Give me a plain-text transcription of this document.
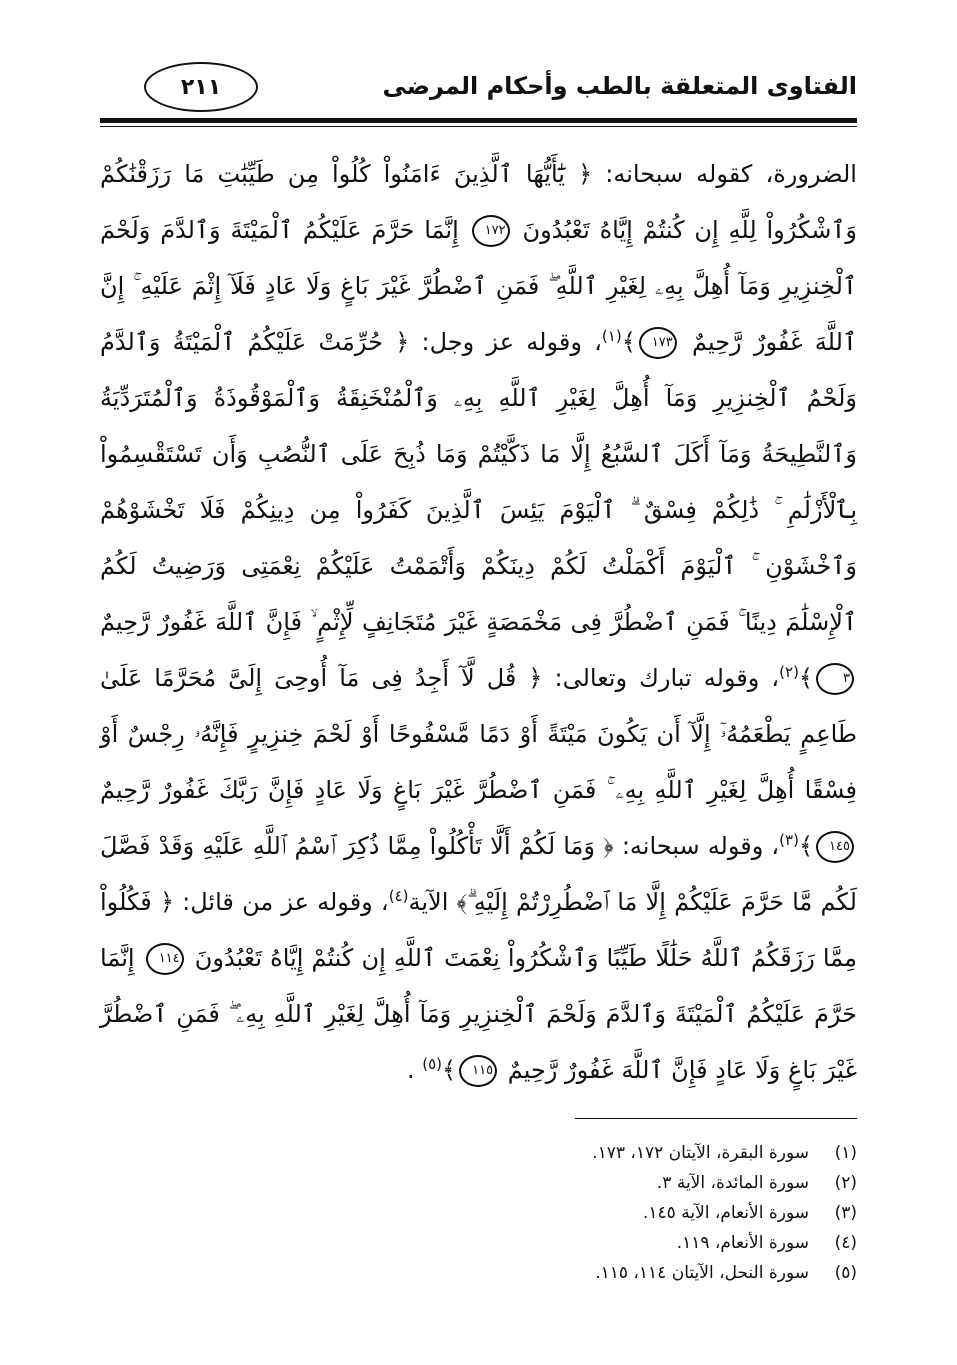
الفتاوى المتعلقة بالطب وأحكام المرضى
٢١١

الضرورة، كقوله سبحانه: ﴿ يَٰٓأَيُّهَا ٱلَّذِينَ ءَامَنُواْ كُلُواْ مِن طَيِّبَٰتِ مَا رَزَقْنَٰكُمْ وَٱشْكُرُواْ لِلَّهِ إِن كُنتُمْ إِيَّاهُ تَعْبُدُونَ ١٧٢ إِنَّمَا حَرَّمَ عَلَيْكُمُ ٱلْمَيْتَةَ وَٱلدَّمَ وَلَحْمَ ٱلْخِنزِيرِ وَمَآ أُهِلَّ بِهِۦ لِغَيْرِ ٱللَّهِ ۖ فَمَنِ ٱضْطُرَّ غَيْرَ بَاغٍ وَلَا عَادٍ فَلَآ إِثْمَ عَلَيْهِ ۚ إِنَّ ٱللَّهَ غَفُورٌ رَّحِيمٌ ١٧٣﴾$^{(١)}$، وقوله عز وجل: ﴿ حُرِّمَتْ عَلَيْكُمُ ٱلْمَيْتَةُ وَٱلدَّمُ وَلَحْمُ ٱلْخِنزِيرِ وَمَآ أُهِلَّ لِغَيْرِ ٱللَّهِ بِهِۦ وَٱلْمُنْخَنِقَةُ وَٱلْمَوْقُوذَةُ وَٱلْمُتَرَدِّيَةُ وَٱلنَّطِيحَةُ وَمَآ أَكَلَ ٱلسَّبُعُ إِلَّا مَا ذَكَّيْتُمْ وَمَا ذُبِحَ عَلَى ٱلنُّصُبِ وَأَن تَسْتَقْسِمُواْ بِٱلْأَزْلَٰمِ ۚ ذَٰلِكُمْ فِسْقٌ ۗ ٱلْيَوْمَ يَئِسَ ٱلَّذِينَ كَفَرُواْ مِن دِينِكُمْ فَلَا تَخْشَوْهُمْ وَٱخْشَوْنِ ۚ ٱلْيَوْمَ أَكْمَلْتُ لَكُمْ دِينَكُمْ وَأَتْمَمْتُ عَلَيْكُمْ نِعْمَتِى وَرَضِيتُ لَكُمُ ٱلْإِسْلَٰمَ دِينًا ۚ فَمَنِ ٱضْطُرَّ فِى مَخْمَصَةٍ غَيْرَ مُتَجَانِفٍ لِّإِثْمٍ ۙ فَإِنَّ ٱللَّهَ غَفُورٌ رَّحِيمٌ ٣﴾$^{(٢)}$، وقوله تبارك وتعالى: ﴿ قُل لَّآ أَجِدُ فِى مَآ أُوحِىَ إِلَىَّ مُحَرَّمًا عَلَىٰ طَاعِمٍ يَطْعَمُهُۥٓ إِلَّآ أَن يَكُونَ مَيْتَةً أَوْ دَمًا مَّسْفُوحًا أَوْ لَحْمَ خِنزِيرٍ فَإِنَّهُۥ رِجْسٌ أَوْ فِسْقًا أُهِلَّ لِغَيْرِ ٱللَّهِ بِهِۦ ۚ فَمَنِ ٱضْطُرَّ غَيْرَ بَاغٍ وَلَا عَادٍ فَإِنَّ رَبَّكَ غَفُورٌ رَّحِيمٌ ١٤٥﴾$^{(٣)}$، وقوله سبحانه: ﴿ وَمَا لَكُمْ أَلَّا تَأْكُلُواْ مِمَّا ذُكِرَ ٱسْمُ ٱللَّهِ عَلَيْهِ وَقَدْ فَصَّلَ لَكُم مَّا حَرَّمَ عَلَيْكُمْ إِلَّا مَا ٱضْطُرِرْتُمْ إِلَيْهِ ۗ﴾ الآية$^{(٤)}$، وقوله عز من قائل: ﴿ فَكُلُواْ مِمَّا رَزَقَكُمُ ٱللَّهُ حَلَٰلًا طَيِّبًا وَٱشْكُرُواْ نِعْمَتَ ٱللَّهِ إِن كُنتُمْ إِيَّاهُ تَعْبُدُونَ ١١٤ إِنَّمَا حَرَّمَ عَلَيْكُمُ ٱلْمَيْتَةَ وَٱلدَّمَ وَلَحْمَ ٱلْخِنزِيرِ وَمَآ أُهِلَّ لِغَيْرِ ٱللَّهِ بِهِۦ ۖ فَمَنِ ٱضْطُرَّ غَيْرَ بَاغٍ وَلَا عَادٍ فَإِنَّ ٱللَّهَ غَفُورٌ رَّحِيمٌ ١١٥﴾$^{(٥)}$ .

(١)
سورة البقرة، الآيتان ١٧٢، ١٧٣.
(٢)
سورة المائدة، الآية ٣.
(٣)
سورة الأنعام، الآية ١٤٥.
(٤)
سورة الأنعام، ١١٩.
(٥)
سورة النحل، الآيتان ١١٤، ١١٥.
